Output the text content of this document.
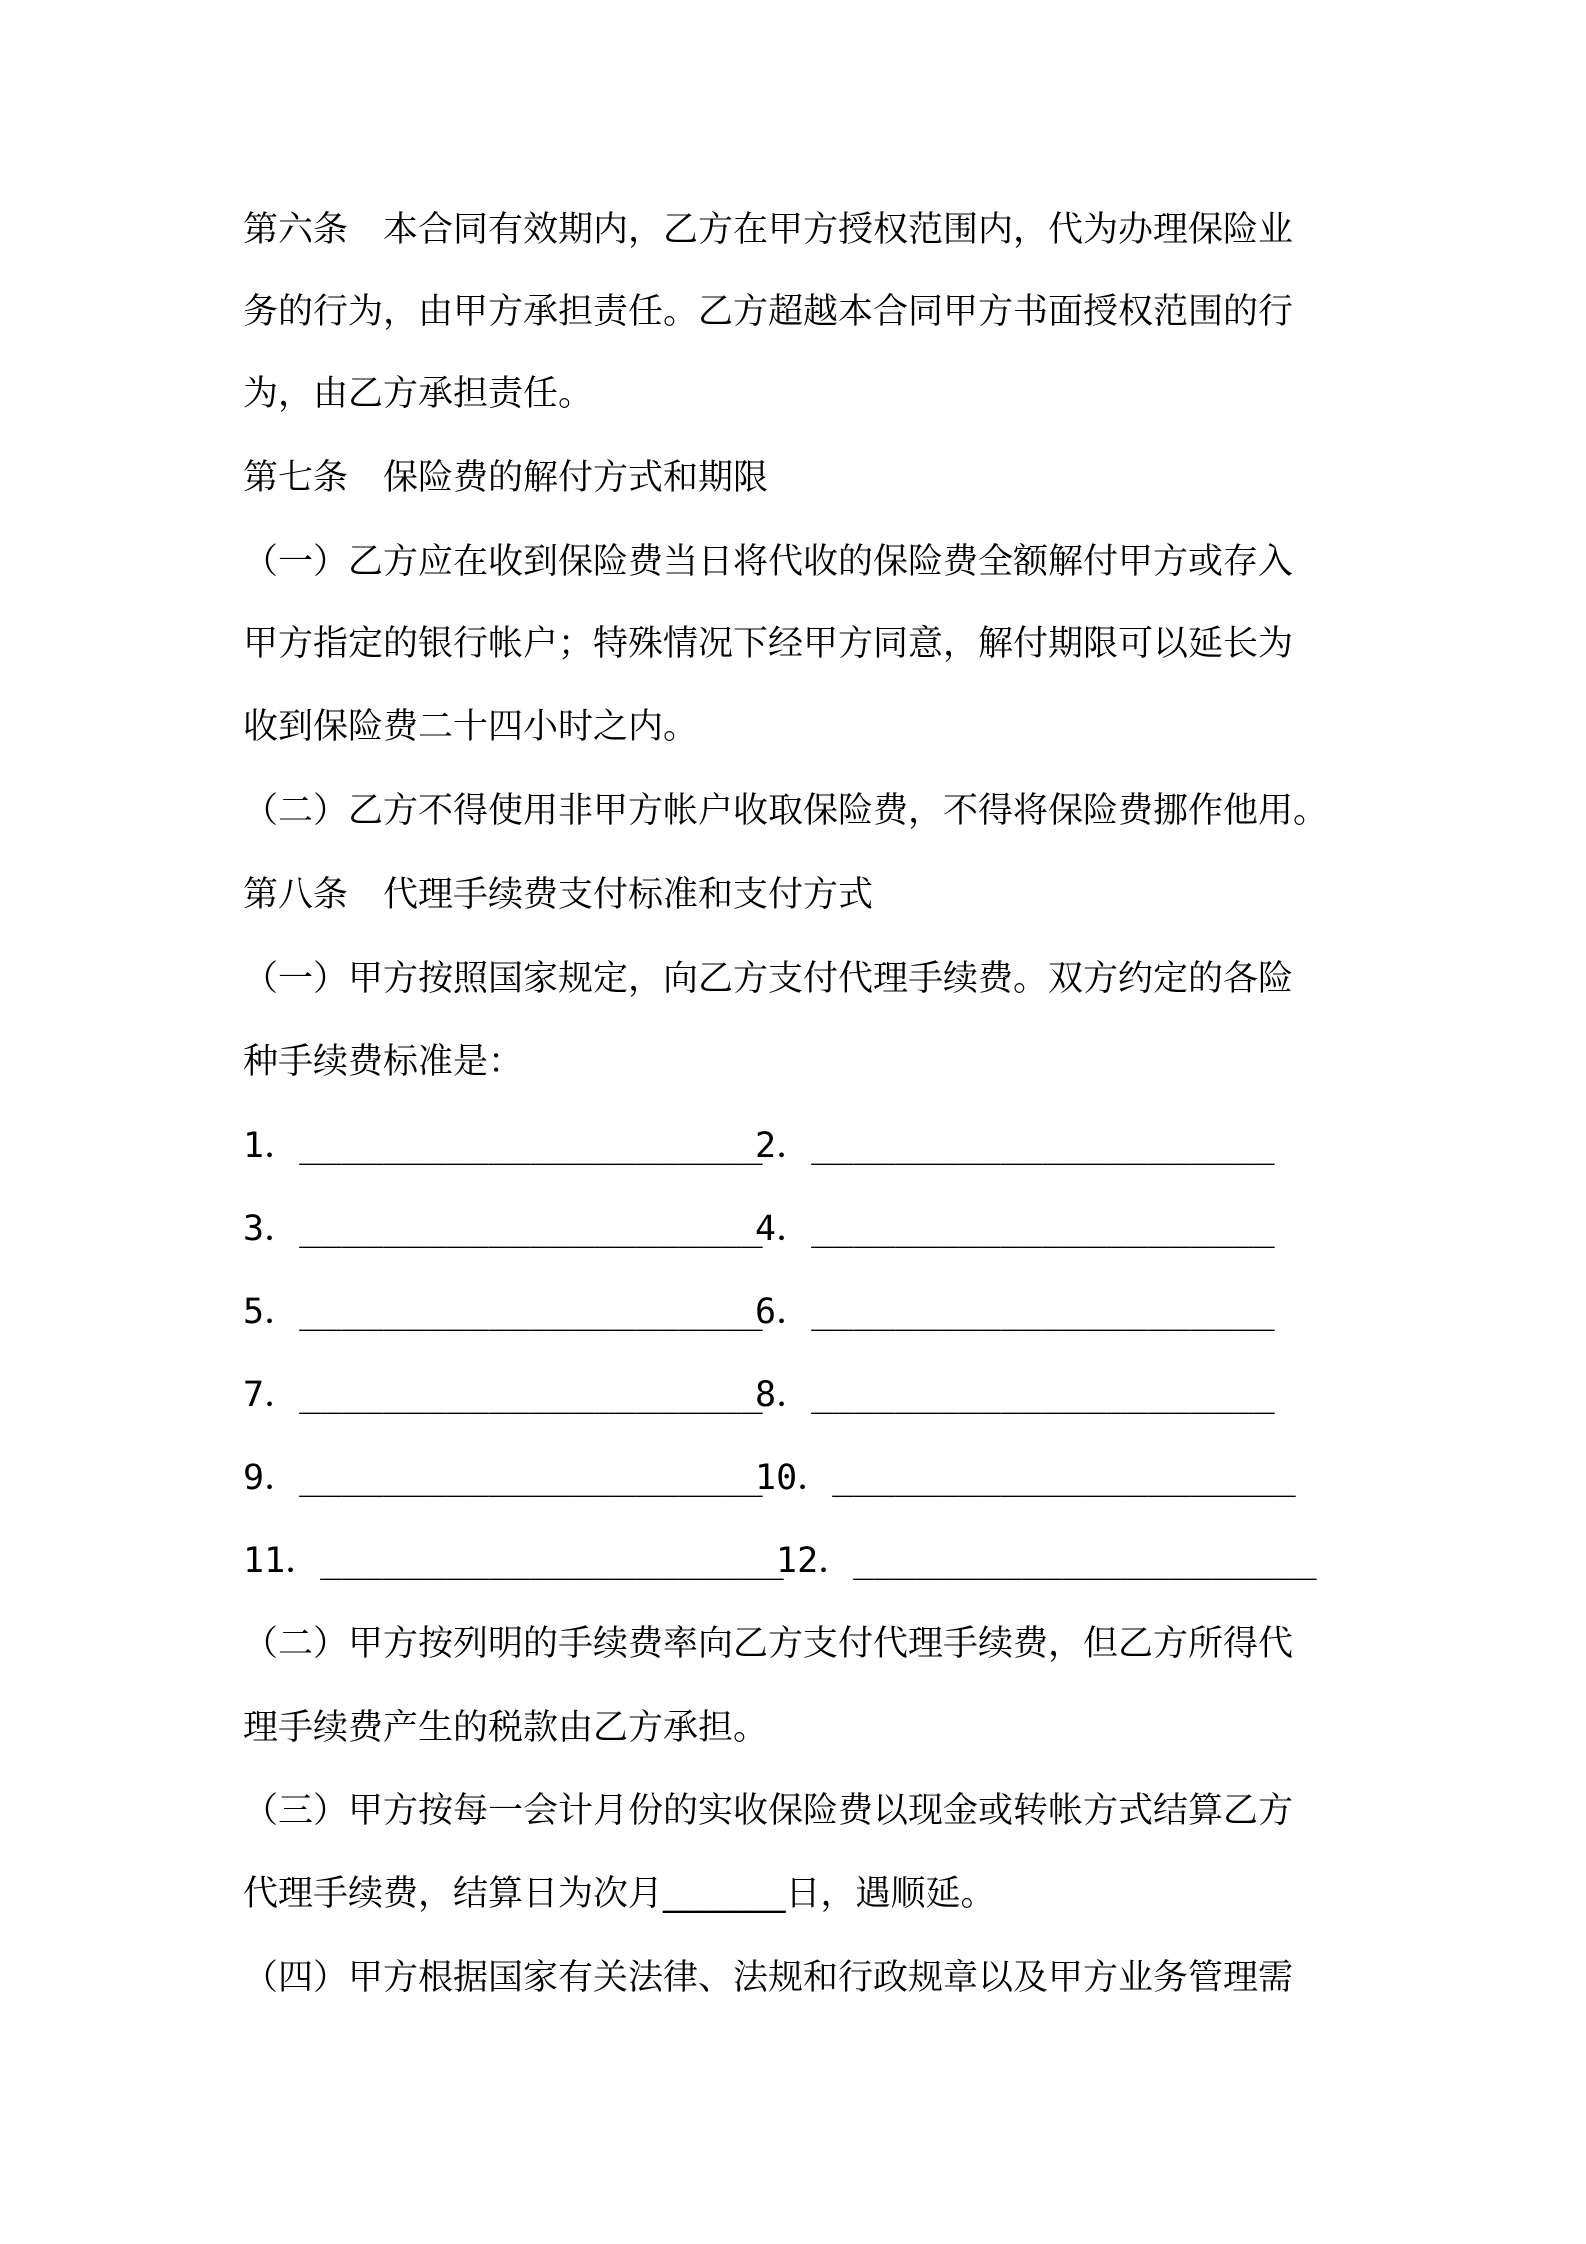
第六条　本合同有效期内，乙方在甲方授权范围内，代为办理保险业

务的行为，由甲方承担责任。乙方超越本合同甲方书面授权范围的行

为，由乙方承担责任。

第七条　保险费的解付方式和期限

（一）乙方应在收到保险费当日将代收的保险费全额解付甲方或存入

甲方指定的银行帐户；特殊情况下经甲方同意，解付期限可以延长为

收到保险费二十四小时之内。

（二）乙方不得使用非甲方帐户收取保险费，不得将保险费挪作他用。

第八条　代理手续费支付标准和支付方式

（一）甲方按照国家规定，向乙方支付代理手续费。双方约定的各险

种手续费标准是：

1．______________________2．______________________
3．______________________4．______________________
5．______________________6．______________________
7．______________________8．______________________
9．______________________10．______________________
11．______________________12．______________________

（二）甲方按列明的手续费率向乙方支付代理手续费，但乙方所得代

理手续费产生的税款由乙方承担。

（三）甲方按每一会计月份的实收保险费以现金或转帐方式结算乙方

代理手续费，结算日为次月_______日，遇顺延。

（四）甲方根据国家有关法律、法规和行政规章以及甲方业务管理需
